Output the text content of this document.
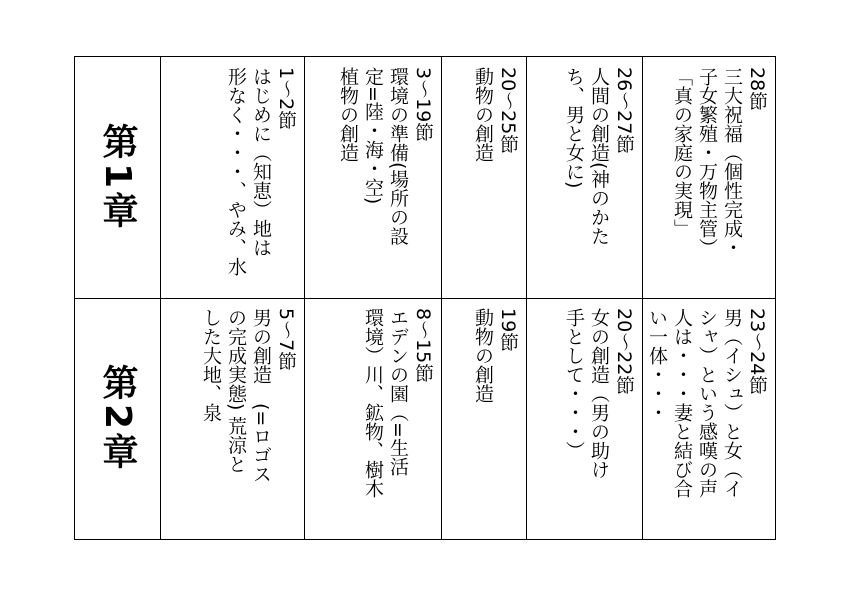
第1章
第2章
28節
三大祝福（個性完成・
子女繁殖・万物主管）
「真の家庭の実現」
26～27節
人間の創造(神のかた
ち、男と女に)
20～25節
動物の創造
3～19節
環境の準備(場所の設
定=陸・海・空)
植物の創造
1～2節
はじめに（知恵）地は
形なく・・・、やみ、水
23～24節
男（イシュ）と女（イ
シャ）という感嘆の声
人は・・・妻と結び合
い一体・・・
20～22節
女の創造（男の助け
手として・・・）
19節
動物の創造
8～15節
エデンの園（=生活
環境）川、鉱物、樹木
5～7節
男の創造　(=ロゴス
の完成実態) 荒涼と
した大地、泉
